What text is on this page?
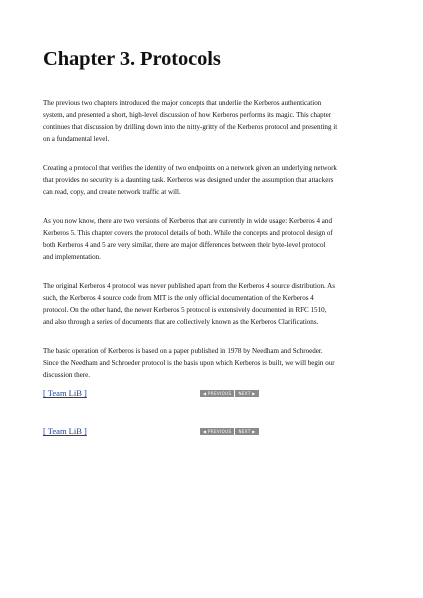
Chapter 3. Protocols

The previous two chapters introduced the major concepts that underlie the Kerberos authentication
system, and presented a short, high-level discussion of how Kerberos performs its magic. This chapter
continues that discussion by drilling down into the nitty-gritty of the Kerberos protocol and presenting it
on a fundamental level.

Creating a protocol that verifies the identity of two endpoints on a network given an underlying network
that provides no security is a daunting task. Kerberos was designed under the assumption that attackers
can read, copy, and create network traffic at will.

As you now know, there are two versions of Kerberos that are currently in wide usage: Kerberos 4 and
Kerberos 5. This chapter covers the protocol details of both. While the concepts and protocol design of
both Kerberos 4 and 5 are very similar, there are major differences between their byte-level protocol
and implementation.

The original Kerberos 4 protocol was never published apart from the Kerberos 4 source distribution. As
such, the Kerberos 4 source code from MIT is the only official documentation of the Kerberos 4
protocol. On the other hand, the newer Kerberos 5 protocol is extensively documented in RFC 1510,
and also through a series of documents that are collectively known as the Kerberos Clarifications.

The basic operation of Kerberos is based on a paper published in 1978 by Needham and Schroeder.
Since the Needham and Schroeder protocol is the basis upon which Kerberos is built, we will begin our
discussion there.

[ Team LiB ]	◀ PREVIOUS NEXT ▶
[ Team LiB ]	◀ PREVIOUS NEXT ▶
